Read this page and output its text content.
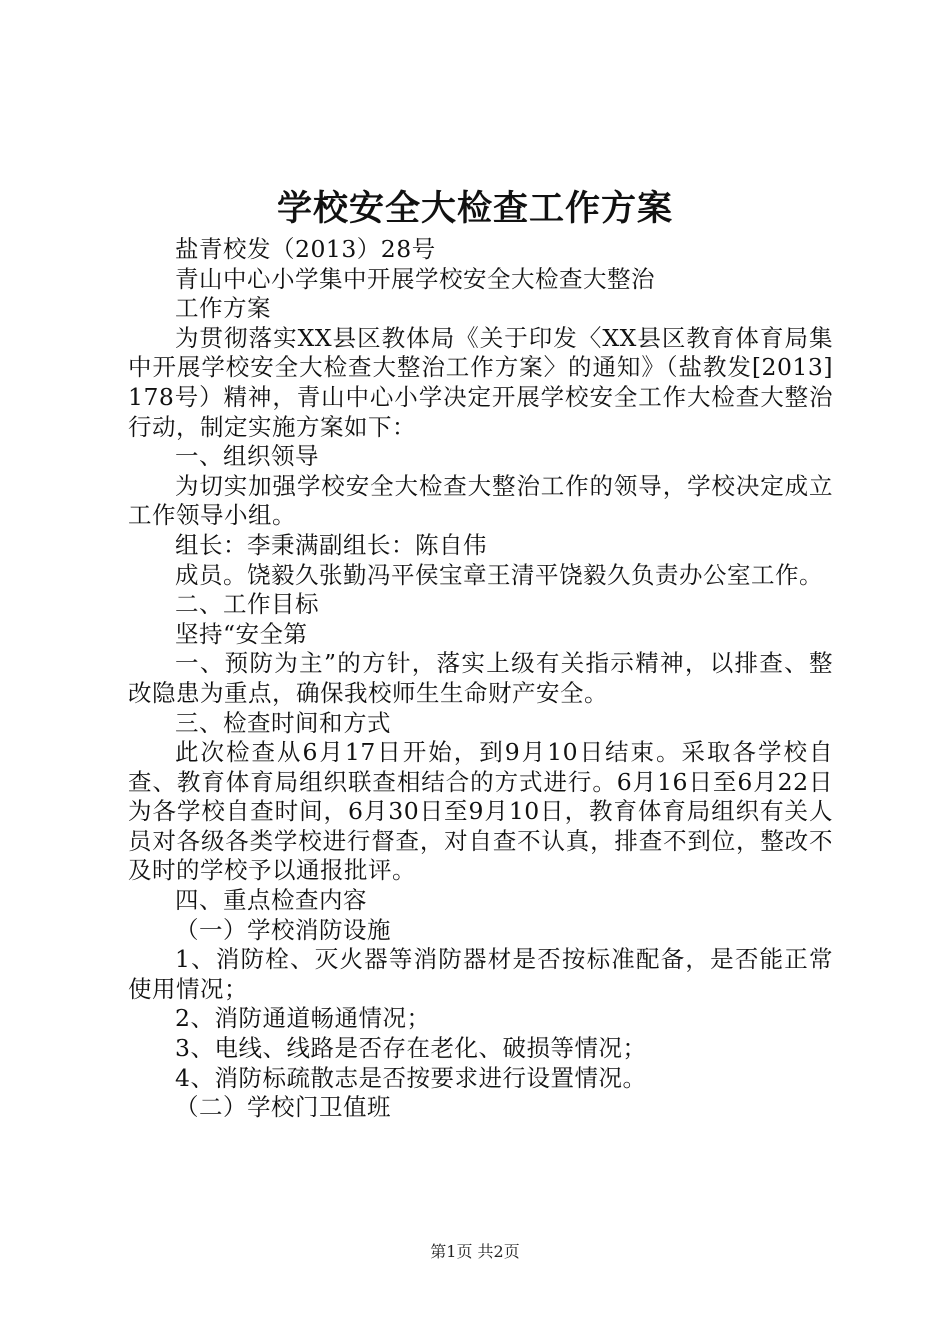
学校安全大检查工作方案

盐青校发（2013）28号

青山中心小学集中开展学校安全大检查大整治

工作方案

为贯彻落实XX县区教体局《关于印发〈XX县区教育体育局集中开展学校安全大检查大整治工作方案〉的通知》（盐教发[2013]178号）精神，青山中心小学决定开展学校安全工作大检查大整治行动，制定实施方案如下：

一、组织领导

为切实加强学校安全大检查大整治工作的领导，学校决定成立工作领导小组。

组长：李秉满副组长：陈自伟

成员。饶毅久张勤冯平侯宝章王清平饶毅久负责办公室工作。

二、工作目标

坚持“安全第

一、预防为主”的方针，落实上级有关指示精神，以排查、整改隐患为重点，确保我校师生生命财产安全。

三、检查时间和方式

此次检查从6月17日开始，到9月10日结束。采取各学校自查、教育体育局组织联查相结合的方式进行。6月16日至6月22日为各学校自查时间，6月30日至9月10日，教育体育局组织有关人员对各级各类学校进行督查，对自查不认真，排查不到位，整改不及时的学校予以通报批评。

四、重点检查内容

（一）学校消防设施

1、消防栓、灭火器等消防器材是否按标准配备，是否能正常使用情况；

2、消防通道畅通情况；

3、电线、线路是否存在老化、破损等情况；

4、消防标疏散志是否按要求进行设置情况。

（二）学校门卫值班

第1页 共2页
